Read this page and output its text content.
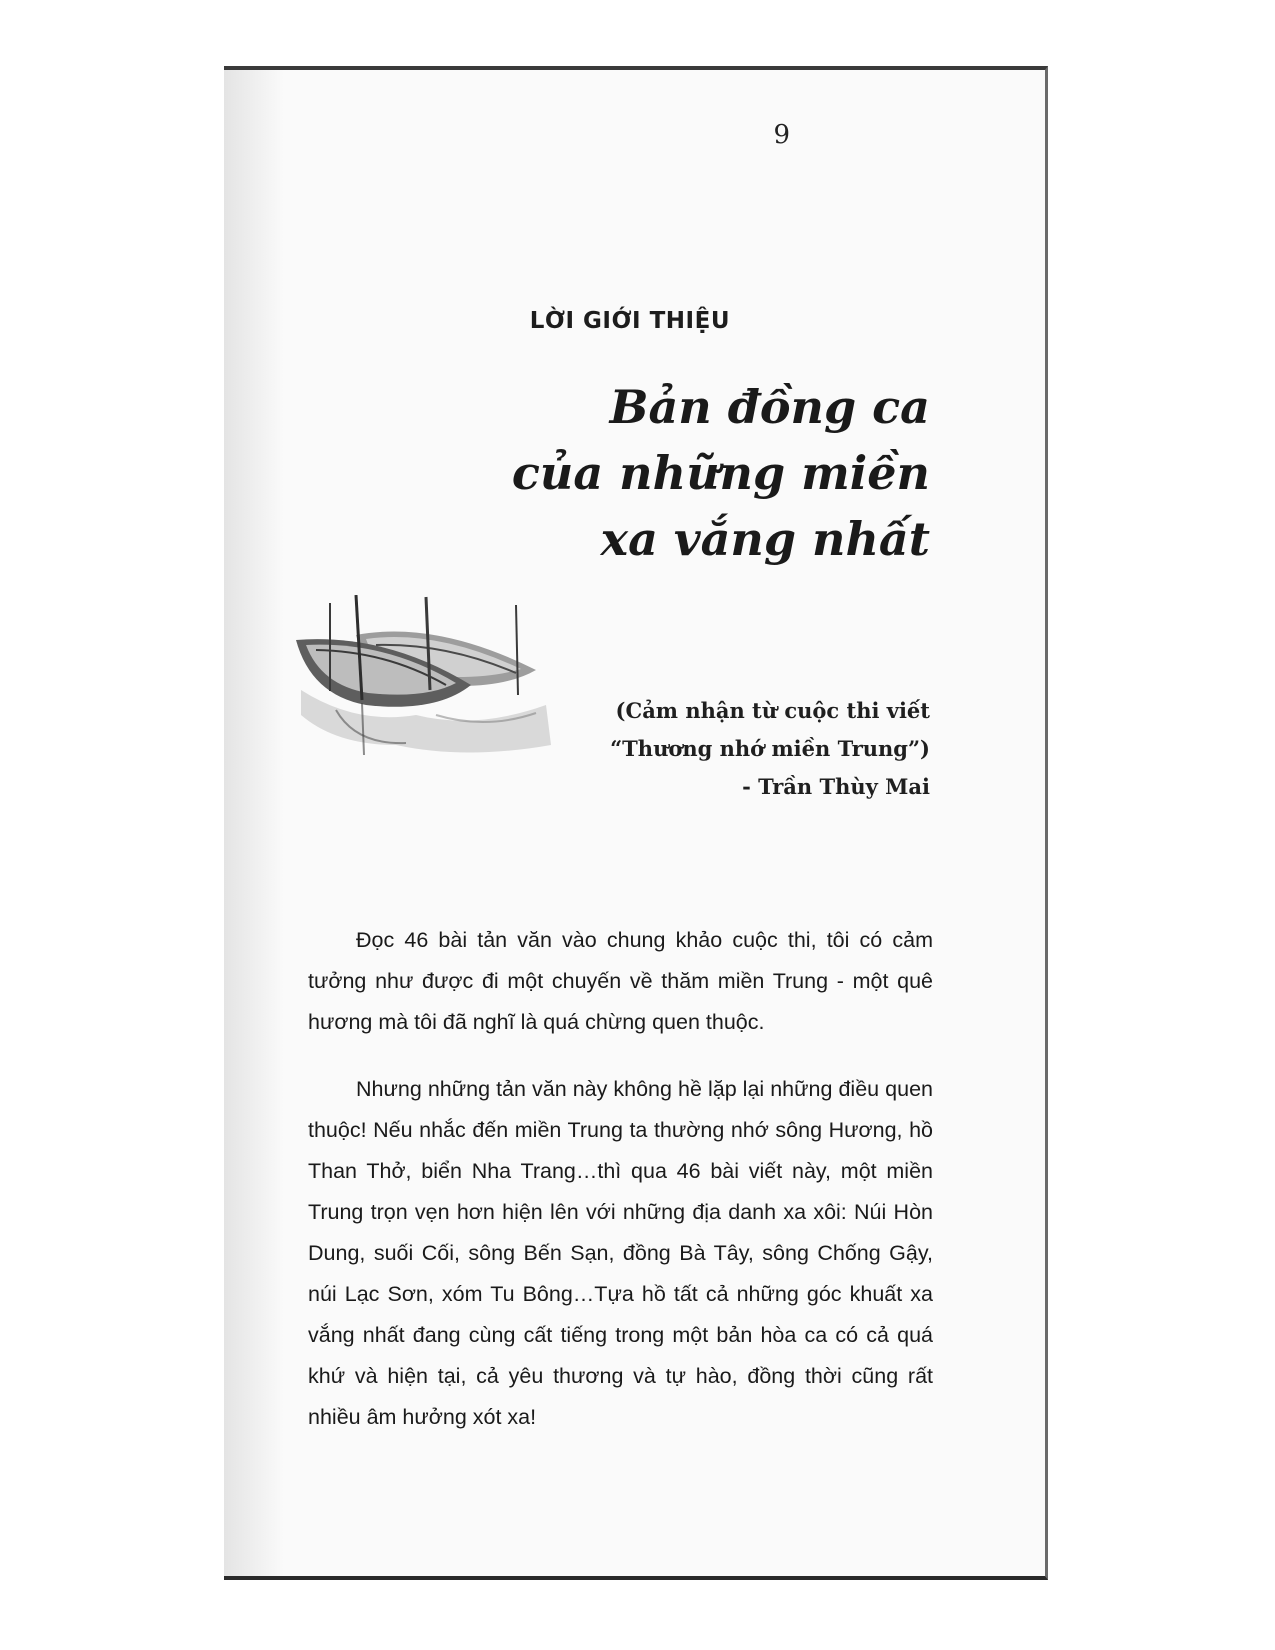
9
LỜI GIỚI THIỆU
Bản đồng ca
của những miền
xa vắng nhất
(Cảm nhận từ cuộc thi viết
“Thương nhớ miền Trung”)
- Trần Thùy Mai

Đọc 46 bài tản văn vào chung khảo cuộc thi, tôi có cảm tưởng như được đi một chuyến về thăm miền Trung - một quê hương mà tôi đã nghĩ là quá chừng quen thuộc.

Nhưng những tản văn này không hề lặp lại những điều quen thuộc! Nếu nhắc đến miền Trung ta thường nhớ sông Hương, hồ Than Thở, biển Nha Trang…thì qua 46 bài viết này, một miền Trung trọn vẹn hơn hiện lên với những địa danh xa xôi: Núi Hòn Dung, suối Cối, sông Bến Sạn, đồng Bà Tây, sông Chống Gậy, núi Lạc Sơn, xóm Tu Bông…Tựa hồ tất cả những góc khuất xa vắng nhất đang cùng cất tiếng trong một bản hòa ca có cả quá khứ và hiện tại, cả yêu thương và tự hào, đồng thời cũng rất nhiều âm hưởng xót xa!
